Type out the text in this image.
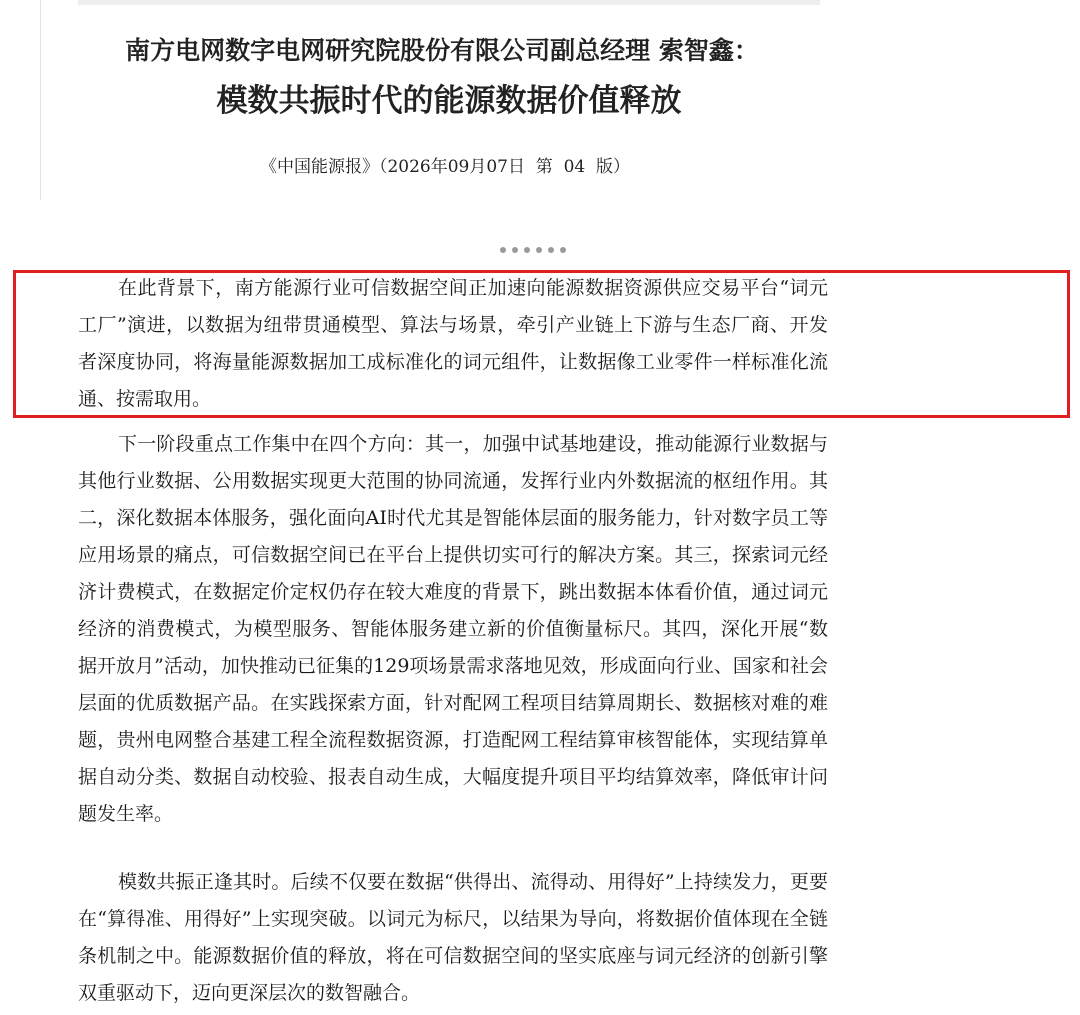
南方电网数字电网研究院股份有限公司副总经理 索智鑫：
模数共振时代的能源数据价值释放
《中国能源报》（2026年09月07日  第  04  版）

在此背景下，南方能源行业可信数据空间正加速向能源数据资源供应交易平台“词元工厂”演进，以数据为纽带贯通模型、算法与场景，牵引产业链上下游与生态厂商、开发者深度协同，将海量能源数据加工成标准化的词元组件，让数据像工业零件一样标准化流通、按需取用。

下一阶段重点工作集中在四个方向：其一，加强中试基地建设，推动能源行业数据与其他行业数据、公用数据实现更大范围的协同流通，发挥行业内外数据流的枢纽作用。其二，深化数据本体服务，强化面向AI时代尤其是智能体层面的服务能力，针对数字员工等应用场景的痛点，可信数据空间已在平台上提供切实可行的解决方案。其三，探索词元经济计费模式，在数据定价定权仍存在较大难度的背景下，跳出数据本体看价值，通过词元经济的消费模式，为模型服务、智能体服务建立新的价值衡量标尺。其四，深化开展“数据开放月”活动，加快推动已征集的129项场景需求落地见效，形成面向行业、国家和社会层面的优质数据产品。在实践探索方面，针对配网工程项目结算周期长、数据核对难的难题，贵州电网整合基建工程全流程数据资源，打造配网工程结算审核智能体，实现结算单据自动分类、数据自动校验、报表自动生成，大幅度提升项目平均结算效率，降低审计问题发生率。

模数共振正逢其时。后续不仅要在数据“供得出、流得动、用得好”上持续发力，更要在“算得准、用得好”上实现突破。以词元为标尺，以结果为导向，将数据价值体现在全链条机制之中。能源数据价值的释放，将在可信数据空间的坚实底座与词元经济的创新引擎双重驱动下，迈向更深层次的数智融合。
